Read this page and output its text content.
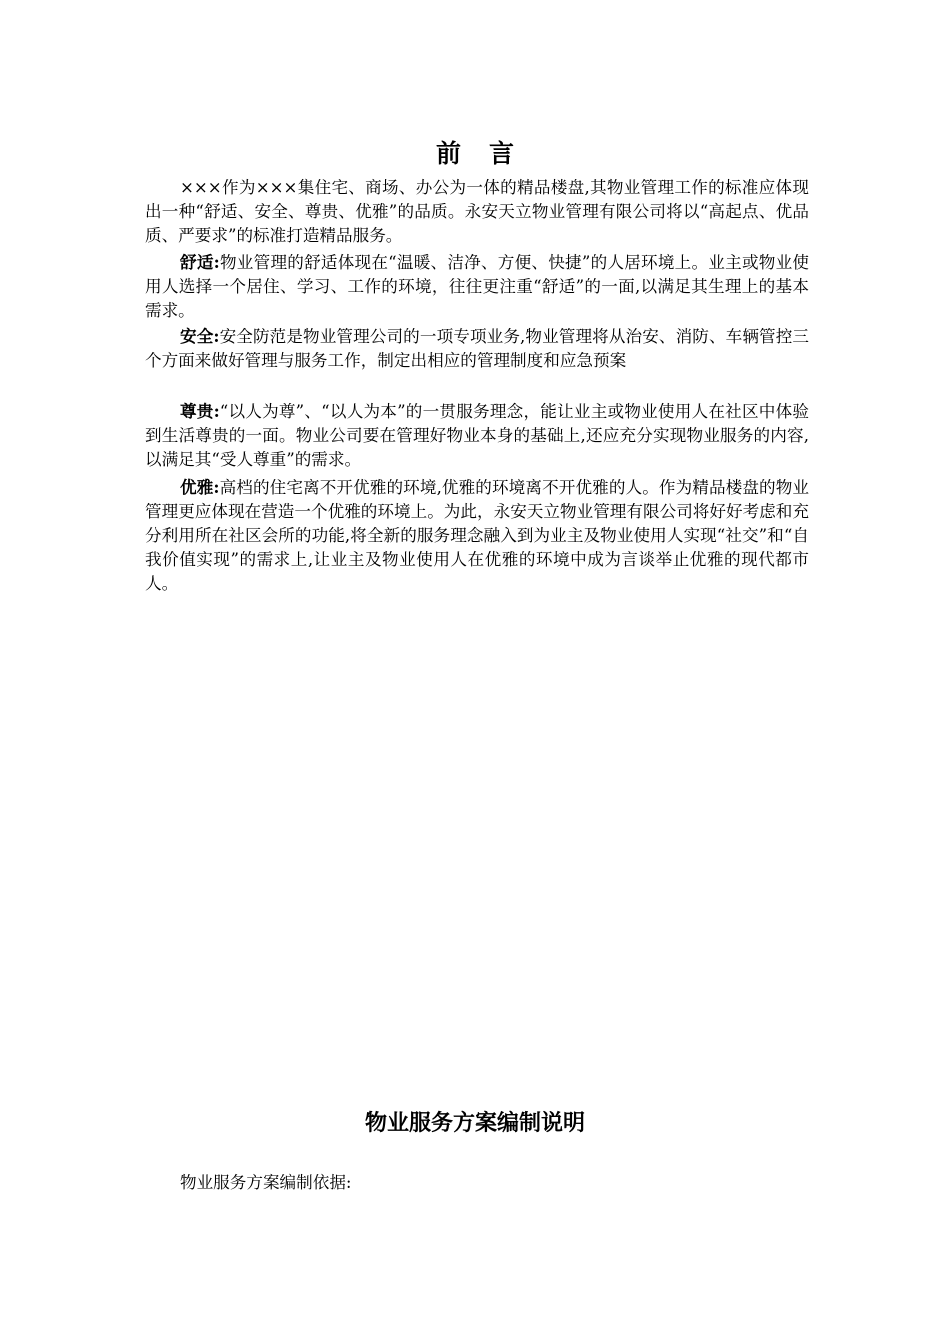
前言

×××作为×××集住宅、商场、办公为一体的精品楼盘,其物业管理工作的标准应体现出一种“舒适、安全、尊贵、优雅”的品质。永安天立物业管理有限公司将以“高起点、优品质、严要求”的标准打造精品服务。

舒适:物业管理的舒适体现在“温暖、洁净、方便、快捷”的人居环境上。业主或物业使用人选择一个居住、学习、工作的环境，往往更注重“舒适”的一面,以满足其生理上的基本需求。

安全:安全防范是物业管理公司的一项专项业务,物业管理将从治安、消防、车辆管控三个方面来做好管理与服务工作，制定出相应的管理制度和应急预案

尊贵:“以人为尊”、“以人为本”的一贯服务理念，能让业主或物业使用人在社区中体验到生活尊贵的一面。物业公司要在管理好物业本身的基础上,还应充分实现物业服务的内容,以满足其“受人尊重”的需求。

优雅:高档的住宅离不开优雅的环境,优雅的环境离不开优雅的人。作为精品楼盘的物业管理更应体现在营造一个优雅的环境上。为此，永安天立物业管理有限公司将好好考虑和充分利用所在社区会所的功能,将全新的服务理念融入到为业主及物业使用人实现“社交”和“自我价值实现”的需求上,让业主及物业使用人在优雅的环境中成为言谈举止优雅的现代都市人。

物业服务方案编制说明

物业服务方案编制依据:
